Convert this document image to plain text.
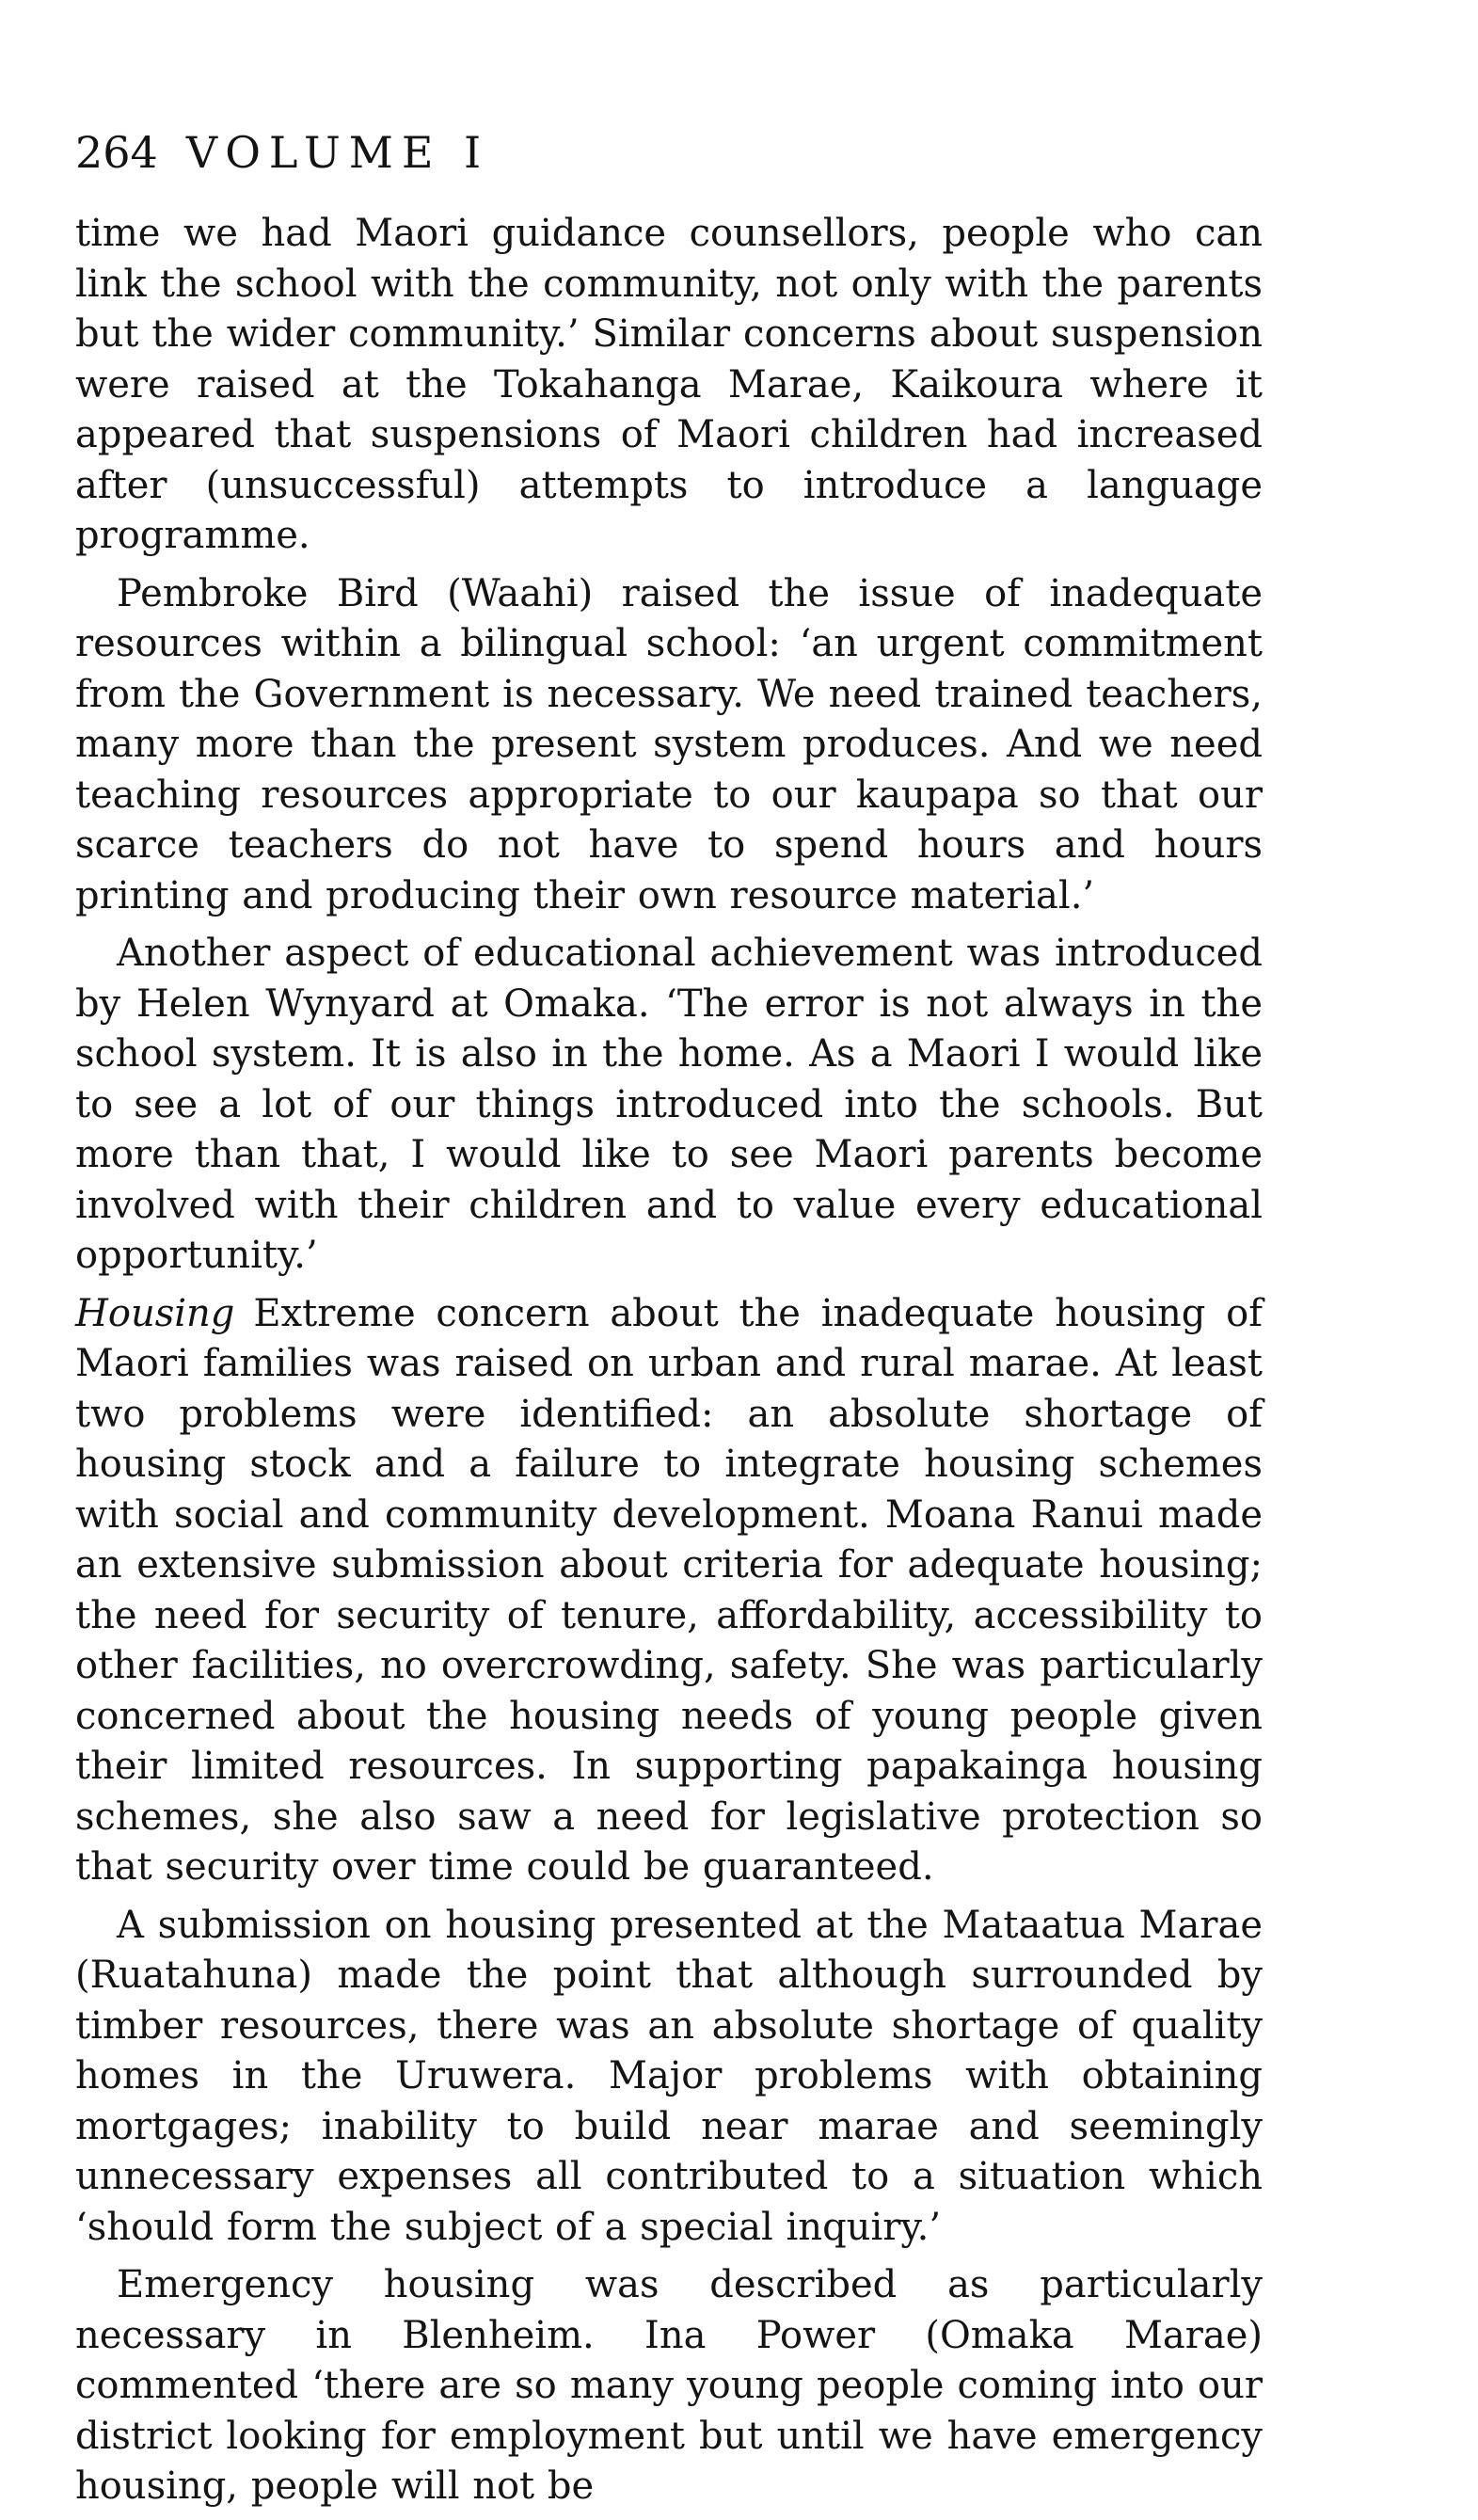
264 VOLUME I

time we had Maori guidance counsellors, people who can link the school with the community, not only with the parents but the wider community.’ Similar concerns about suspension were raised at the Tokahanga Marae, Kaikoura where it appeared that suspensions of Maori children had increased after (unsuccessful) attempts to introduce a language programme.

Pembroke Bird (Waahi) raised the issue of inadequate resources within a bilingual school: ‘an urgent commitment from the Government is necessary. We need trained teachers, many more than the present system produces. And we need teaching resources appropriate to our kaupapa so that our scarce teachers do not have to spend hours and hours printing and producing their own resource material.’

Another aspect of educational achievement was introduced by Helen Wynyard at Omaka. ‘The error is not always in the school system. It is also in the home. As a Maori I would like to see a lot of our things introduced into the schools. But more than that, I would like to see Maori parents become involved with their children and to value every educational opportunity.’

Housing Extreme concern about the inadequate housing of Maori families was raised on urban and rural marae. At least two problems were identified: an absolute shortage of housing stock and a failure to integrate housing schemes with social and community development. Moana Ranui made an extensive submission about criteria for adequate housing; the need for security of tenure, affordability, accessibility to other facilities, no overcrowding, safety. She was particularly concerned about the housing needs of young people given their limited resources. In supporting papakainga housing schemes, she also saw a need for legislative protection so that security over time could be guaranteed.

A submission on housing presented at the Mataatua Marae (Ruatahuna) made the point that although surrounded by timber resources, there was an absolute shortage of quality homes in the Uruwera. Major problems with obtaining mortgages; inability to build near marae and seemingly unnecessary expenses all contributed to a situation which ‘should form the subject of a special inquiry.’

Emergency housing was described as particularly necessary in Blenheim. Ina Power (Omaka Marae) commented ‘there are so many young people coming into our district looking for employment but until we have emergency housing, people will not be
